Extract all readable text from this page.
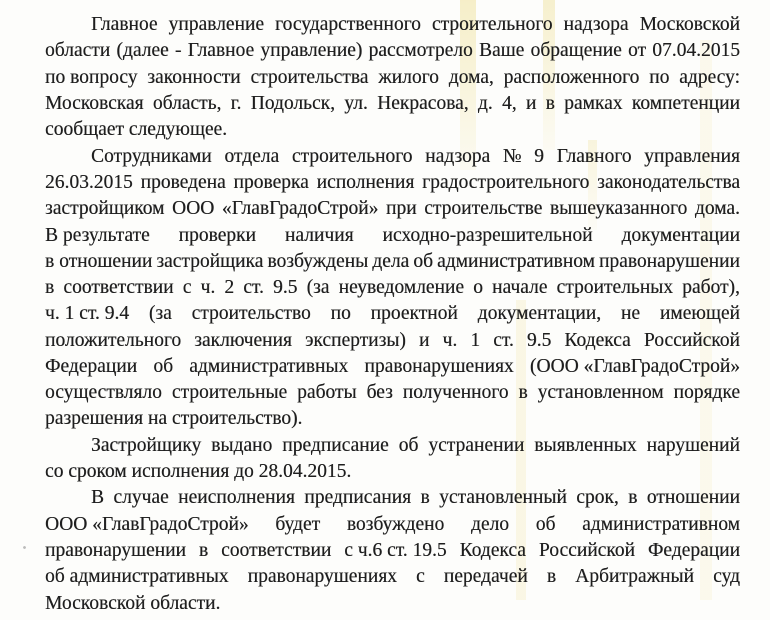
Главное управление государственного строительного надзора Московской
области (далее - Главное управление) рассмотрело Ваше обращение от 07.04.2015
по вопросу законности строительства жилого дома, расположенного по адресу:
Московская область, г. Подольск, ул. Некрасова, д. 4, и в рамках компетенции
сообщает следующее.
Сотрудниками отдела строительного надзора № 9 Главного управления
26.03.2015 проведена проверка исполнения градостроительного законодательства
застройщиком ООО «ГлавГрадоСтрой» при строительстве вышеуказанного дома.
В результате проверки наличия исходно-разрешительной документации
в отношении застройщика возбуждены дела об административном правонарушении
в соответствии с ч. 2 ст. 9.5 (за неуведомление о начале строительных работ),
ч. 1 ст. 9.4 (за строительство по проектной документации, не имеющей
положительного заключения экспертизы) и ч. 1 ст. 9.5 Кодекса Российской
Федерации об административных правонарушениях (ООО «ГлавГрадоСтрой»
осуществляло строительные работы без полученного в установленном порядке
разрешения на строительство).
Застройщику выдано предписание об устранении выявленных нарушений
со сроком исполнения до 28.04.2015.
В случае неисполнения предписания в установленный срок, в отношении
ООО «ГлавГрадоСтрой» будет возбуждено дело об административном
правонарушении в соответствии с ч.6 ст. 19.5 Кодекса Российской Федерации
об административных правонарушениях с передачей в Арбитражный суд
Московской области.
